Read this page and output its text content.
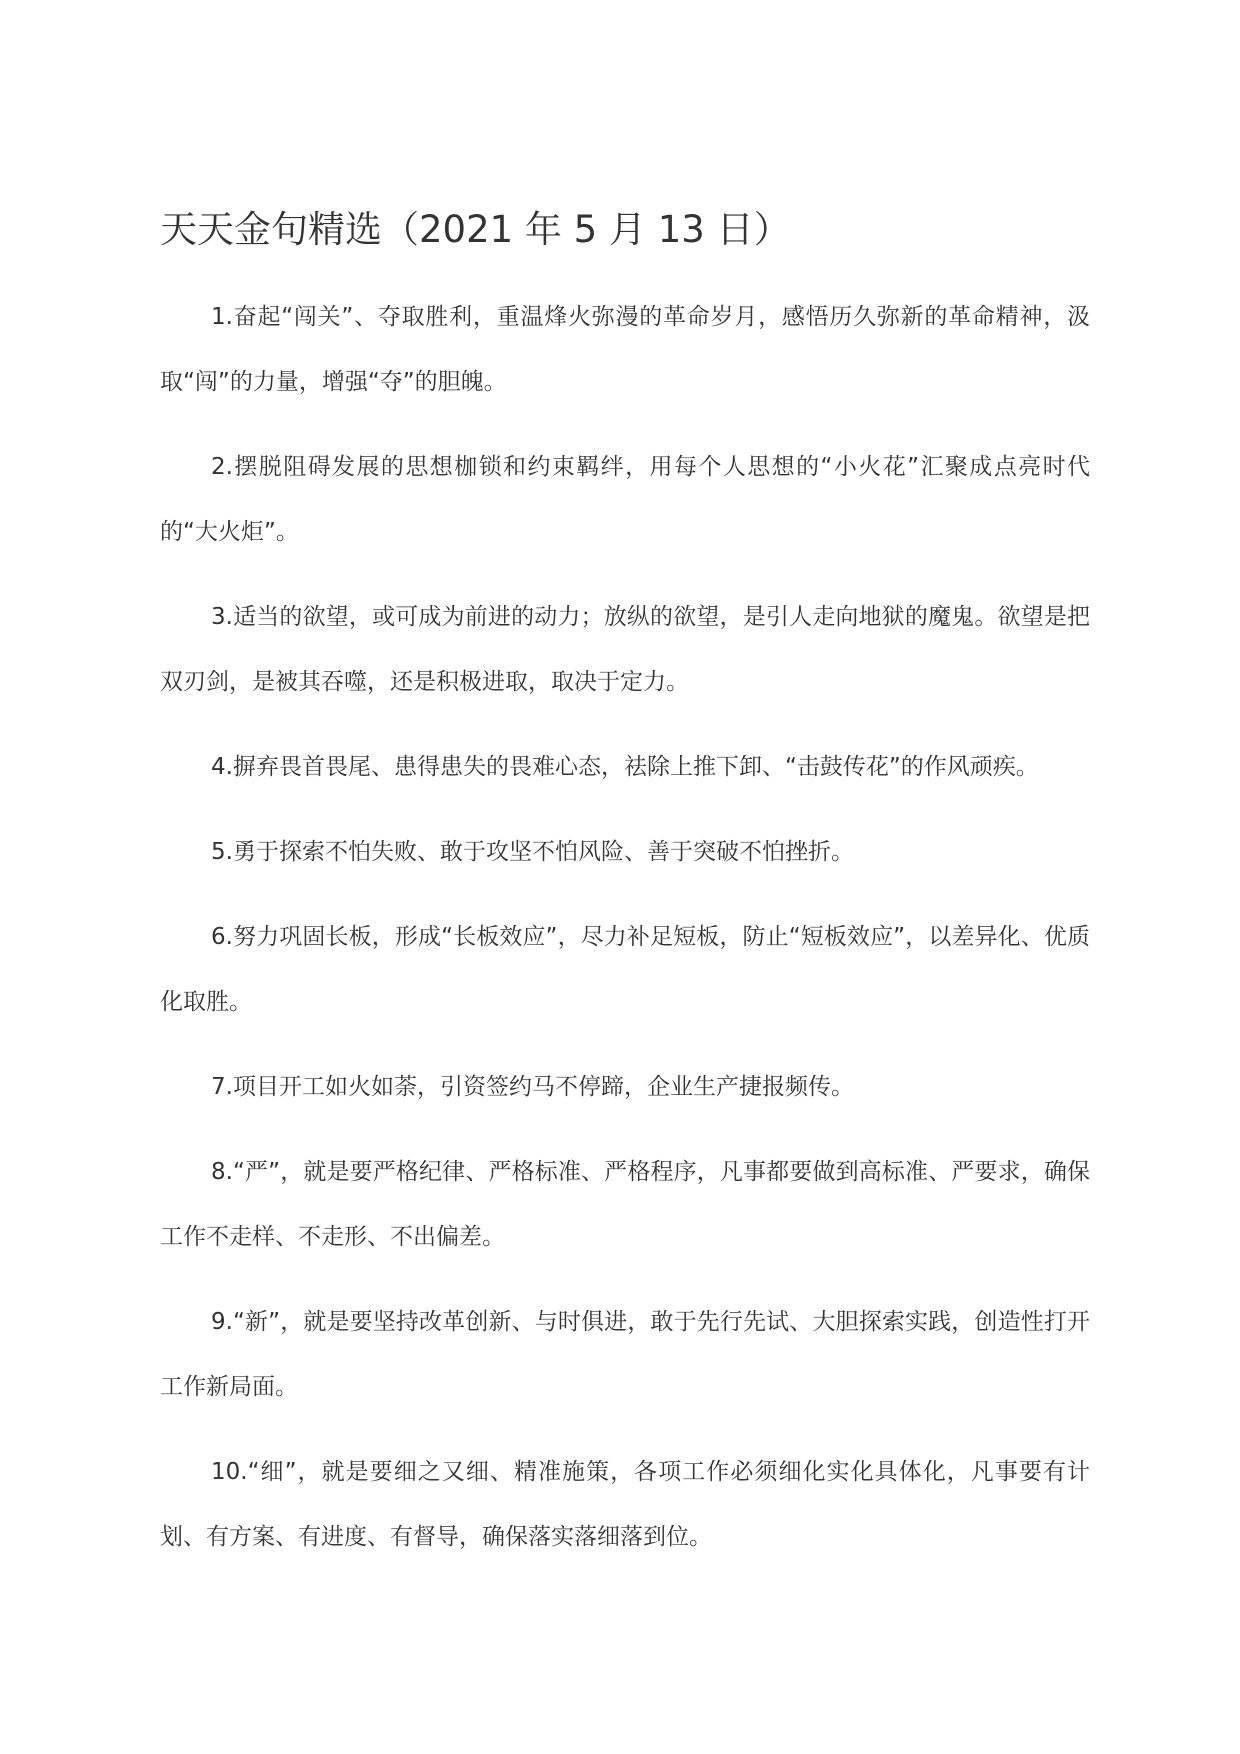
天天金句精选（2021 年 5 月 13 日）

1.奋起“闯关”、夺取胜利，重温烽火弥漫的革命岁月，感悟历久弥新的革命精神，汲取“闯”的力量，增强“夺”的胆魄。

2.摆脱阻碍发展的思想枷锁和约束羁绊，用每个人思想的“小火花”汇聚成点亮时代的“大火炬”。

3.适当的欲望，或可成为前进的动力；放纵的欲望，是引人走向地狱的魔鬼。欲望是把双刃剑，是被其吞噬，还是积极进取，取决于定力。

4.摒弃畏首畏尾、患得患失的畏难心态，祛除上推下卸、“击鼓传花”的作风顽疾。

5.勇于探索不怕失败、敢于攻坚不怕风险、善于突破不怕挫折。

6.努力巩固长板，形成“长板效应”，尽力补足短板，防止“短板效应”，以差异化、优质化取胜。

7.项目开工如火如荼，引资签约马不停蹄，企业生产捷报频传。

8.“严”，就是要严格纪律、严格标准、严格程序，凡事都要做到高标准、严要求，确保工作不走样、不走形、不出偏差。

9.“新”，就是要坚持改革创新、与时俱进，敢于先行先试、大胆探索实践，创造性打开工作新局面。

10.“细”，就是要细之又细、精准施策，各项工作必须细化实化具体化，凡事要有计划、有方案、有进度、有督导，确保落实落细落到位。
